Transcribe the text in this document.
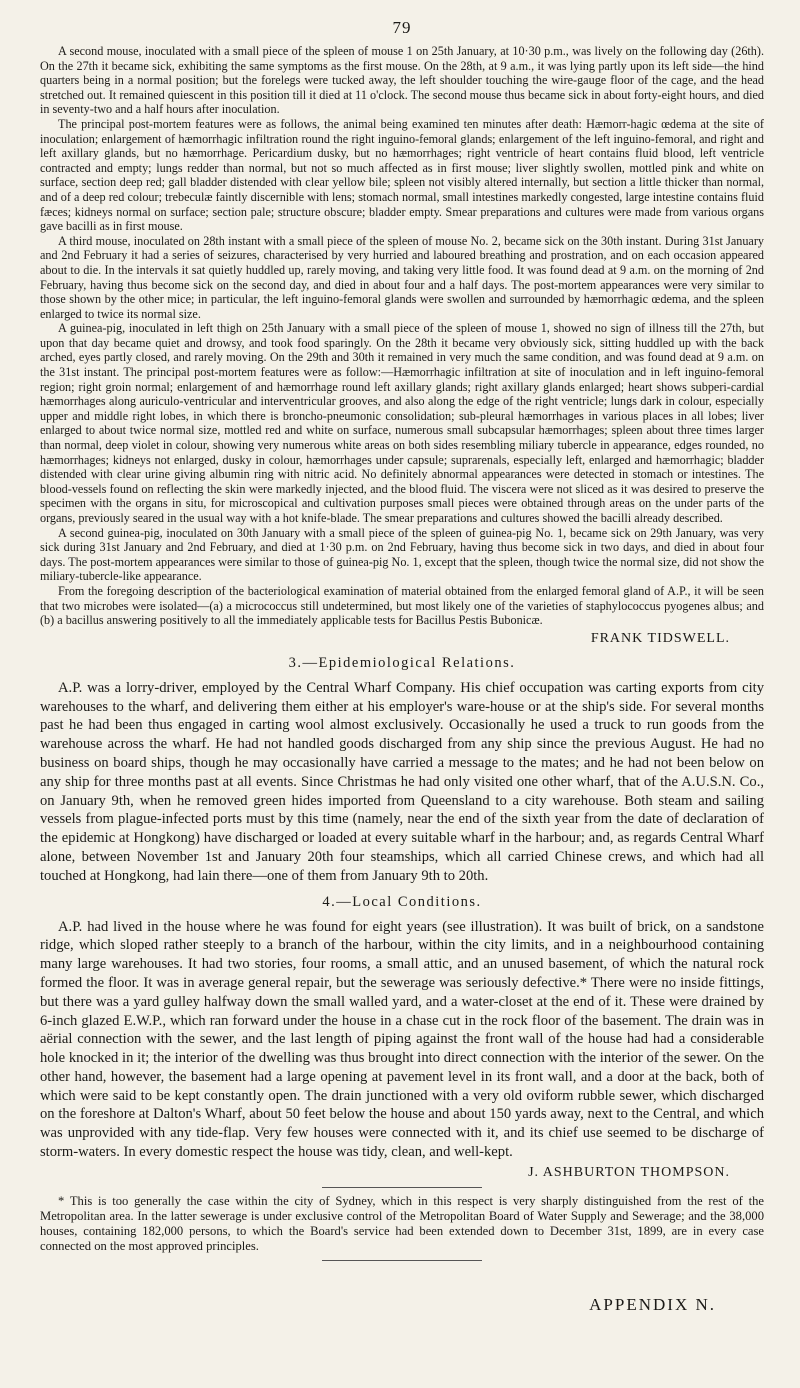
79

A second mouse, inoculated with a small piece of the spleen of mouse 1 on 25th January, at 10·30 p.m., was lively on the following day (26th). On the 27th it became sick, exhibiting the same symptoms as the first mouse. On the 28th, at 9 a.m., it was lying partly upon its left side—the hind quarters being in a normal position; but the forelegs were tucked away, the left shoulder touching the wire-gauge floor of the cage, and the head stretched out. It remained quiescent in this position till it died at 11 o'clock. The second mouse thus became sick in about forty-eight hours, and died in seventy-two and a half hours after inoculation.

The principal post-mortem features were as follows, the animal being examined ten minutes after death: Hæmorr-hagic œdema at the site of inoculation; enlargement of hæmorrhagic infiltration round the right inguino-femoral glands; enlargement of the left inguino-femoral, and right and left axillary glands, but no hæmorrhage. Pericardium dusky, but no hæmorrhages; right ventricle of heart contains fluid blood, left ventricle contracted and empty; lungs redder than normal, but not so much affected as in first mouse; liver slightly swollen, mottled pink and white on surface, section deep red; gall bladder distended with clear yellow bile; spleen not visibly altered internally, but section a little thicker than normal, and of a deep red colour; trebeculæ faintly discernible with lens; stomach normal, small intestines markedly congested, large intestine contains fluid fæces; kidneys normal on surface; section pale; structure obscure; bladder empty. Smear preparations and cultures were made from various organs gave bacilli as in first mouse.

A third mouse, inoculated on 28th instant with a small piece of the spleen of mouse No. 2, became sick on the 30th instant. During 31st January and 2nd February it had a series of seizures, characterised by very hurried and laboured breathing and prostration, and on each occasion appeared about to die. In the intervals it sat quietly huddled up, rarely moving, and taking very little food. It was found dead at 9 a.m. on the morning of 2nd February, having thus become sick on the second day, and died in about four and a half days. The post-mortem appearances were very similar to those shown by the other mice; in particular, the left inguino-femoral glands were swollen and surrounded by hæmorrhagic œdema, and the spleen enlarged to twice its normal size.

A guinea-pig, inoculated in left thigh on 25th January with a small piece of the spleen of mouse 1, showed no sign of illness till the 27th, but upon that day became quiet and drowsy, and took food sparingly. On the 28th it became very obviously sick, sitting huddled up with the back arched, eyes partly closed, and rarely moving. On the 29th and 30th it remained in very much the same condition, and was found dead at 9 a.m. on the 31st instant. The principal post-mortem features were as follow:—Hæmorrhagic infiltration at site of inoculation and in left inguino-femoral region; right groin normal; enlargement of and hæmorrhage round left axillary glands; right axillary glands enlarged; heart shows subperi-cardial hæmorrhages along auriculo-ventricular and interventricular grooves, and also along the edge of the right ventricle; lungs dark in colour, especially upper and middle right lobes, in which there is broncho-pneumonic consolidation; sub-pleural hæmorrhages in various places in all lobes; liver enlarged to about twice normal size, mottled red and white on surface, numerous small subcapsular hæmorrhages; spleen about three times larger than normal, deep violet in colour, showing very numerous white areas on both sides resembling miliary tubercle in appearance, edges rounded, no hæmorrhages; kidneys not enlarged, dusky in colour, hæmorrhages under capsule; suprarenals, especially left, enlarged and hæmorrhagic; bladder distended with clear urine giving albumin ring with nitric acid. No definitely abnormal appearances were detected in stomach or intestines. The blood-vessels found on reflecting the skin were markedly injected, and the blood fluid. The viscera were not sliced as it was desired to preserve the specimen with the organs in situ, for microscopical and cultivation purposes small pieces were obtained through areas on the under parts of the organs, previously seared in the usual way with a hot knife-blade. The smear preparations and cultures showed the bacilli already described.

A second guinea-pig, inoculated on 30th January with a small piece of the spleen of guinea-pig No. 1, became sick on 29th January, was very sick during 31st January and 2nd February, and died at 1·30 p.m. on 2nd February, having thus become sick in two days, and died in about four days. The post-mortem appearances were similar to those of guinea-pig No. 1, except that the spleen, though twice the normal size, did not show the miliary-tubercle-like appearance.

From the foregoing description of the bacteriological examination of material obtained from the enlarged femoral gland of A.P., it will be seen that two microbes were isolated—(a) a micrococcus still undetermined, but most likely one of the varieties of staphylococcus pyogenes albus; and (b) a bacillus answering positively to all the immediately applicable tests for Bacillus Pestis Bubonicæ.

FRANK TIDSWELL.
3.—Epidemiological Relations.

A.P. was a lorry-driver, employed by the Central Wharf Company. His chief occupation was carting exports from city warehouses to the wharf, and delivering them either at his employer's ware-house or at the ship's side. For several months past he had been thus engaged in carting wool almost exclusively. Occasionally he used a truck to run goods from the warehouse across the wharf. He had not handled goods discharged from any ship since the previous August. He had no business on board ships, though he may occasionally have carried a message to the mates; and he had not been below on any ship for three months past at all events. Since Christmas he had only visited one other wharf, that of the A.U.S.N. Co., on January 9th, when he removed green hides imported from Queensland to a city warehouse. Both steam and sailing vessels from plague-infected ports must by this time (namely, near the end of the sixth year from the date of declaration of the epidemic at Hongkong) have discharged or loaded at every suitable wharf in the harbour; and, as regards Central Wharf alone, between November 1st and January 20th four steamships, which all carried Chinese crews, and which had all touched at Hongkong, had lain there—one of them from January 9th to 20th.

4.—Local Conditions.

A.P. had lived in the house where he was found for eight years (see illustration). It was built of brick, on a sandstone ridge, which sloped rather steeply to a branch of the harbour, within the city limits, and in a neighbourhood containing many large warehouses. It had two stories, four rooms, a small attic, and an unused basement, of which the natural rock formed the floor. It was in average general repair, but the sewerage was seriously defective.* There were no inside fittings, but there was a yard gulley halfway down the small walled yard, and a water-closet at the end of it. These were drained by 6-inch glazed E.W.P., which ran forward under the house in a chase cut in the rock floor of the basement. The drain was in aërial connection with the sewer, and the last length of piping against the front wall of the house had had a considerable hole knocked in it; the interior of the dwelling was thus brought into direct connection with the interior of the sewer. On the other hand, however, the basement had a large opening at pavement level in its front wall, and a door at the back, both of which were said to be kept constantly open. The drain junctioned with a very old oviform rubble sewer, which discharged on the foreshore at Dalton's Wharf, about 50 feet below the house and about 150 yards away, next to the Central, and which was unprovided with any tide-flap. Very few houses were connected with it, and its chief use seemed to be discharge of storm-waters. In every domestic respect the house was tidy, clean, and well-kept.

J. ASHBURTON THOMPSON.

* This is too generally the case within the city of Sydney, which in this respect is very sharply distinguished from the rest of the Metropolitan area. In the latter sewerage is under exclusive control of the Metropolitan Board of Water Supply and Sewerage; and the 38,000 houses, containing 182,000 persons, to which the Board's service had been extended down to December 31st, 1899, are in every case connected on the most approved principles.

APPENDIX N.
